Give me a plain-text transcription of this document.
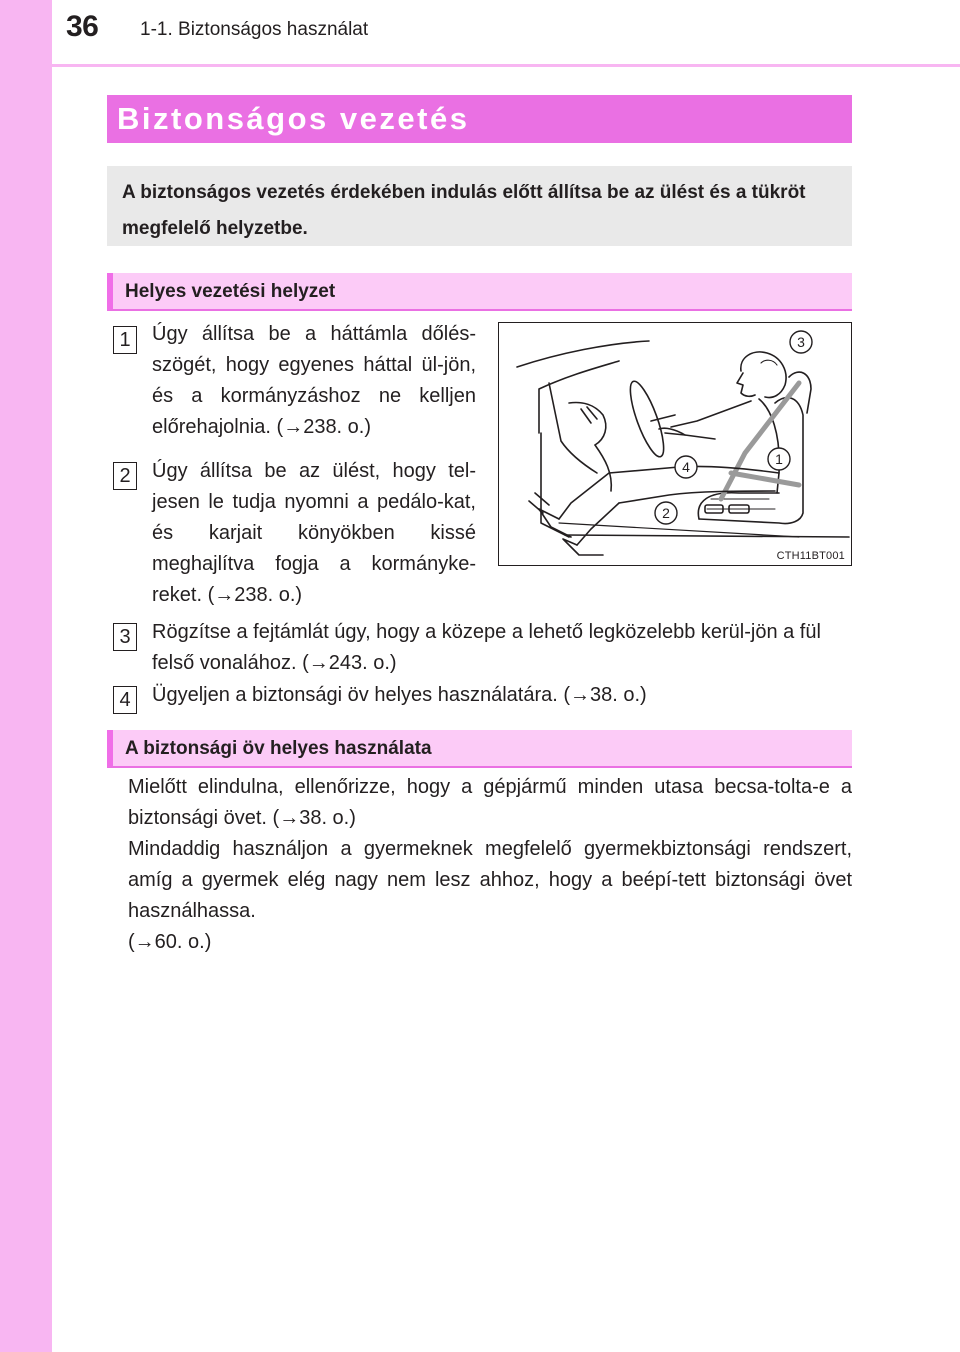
36 1-1. Biztonságos használat
Biztonságos vezetés
A biztonságos vezetés érdekében indulás előtt állítsa be az ülést és a tükröt megfelelő helyzetbe.
Helyes vezetési helyzet
1	Úgy állítsa be a háttámla dőlés-szögét, hogy egyenes háttal ül-jön, és a kormányzáshoz ne kelljen előrehajolnia. (→238. o.)
2	Úgy állítsa be az ülést, hogy tel-jesen le tudja nyomni a pedálo-kat, és karjait könyökben kissé meghajlítva fogja a kormányke-reket. (→238. o.)
3
1
4
2
CTH11BT001
3	Rögzítse a fejtámlát úgy, hogy a közepe a lehető legközelebb kerül-jön a fül felső vonalához. (→243. o.)
4	Ügyeljen a biztonsági öv helyes használatára. (→38. o.)
A biztonsági öv helyes használata
Mielőtt elindulna, ellenőrizze, hogy a gépjármű minden utasa becsa-tolta-e a biztonsági övet. (→38. o.)
Mindaddig használjon a gyermeknek megfelelő gyermekbiztonsági rendszert, amíg a gyermek elég nagy nem lesz ahhoz, hogy a beépí-tett biztonsági övet használhassa.
(→60. o.)
